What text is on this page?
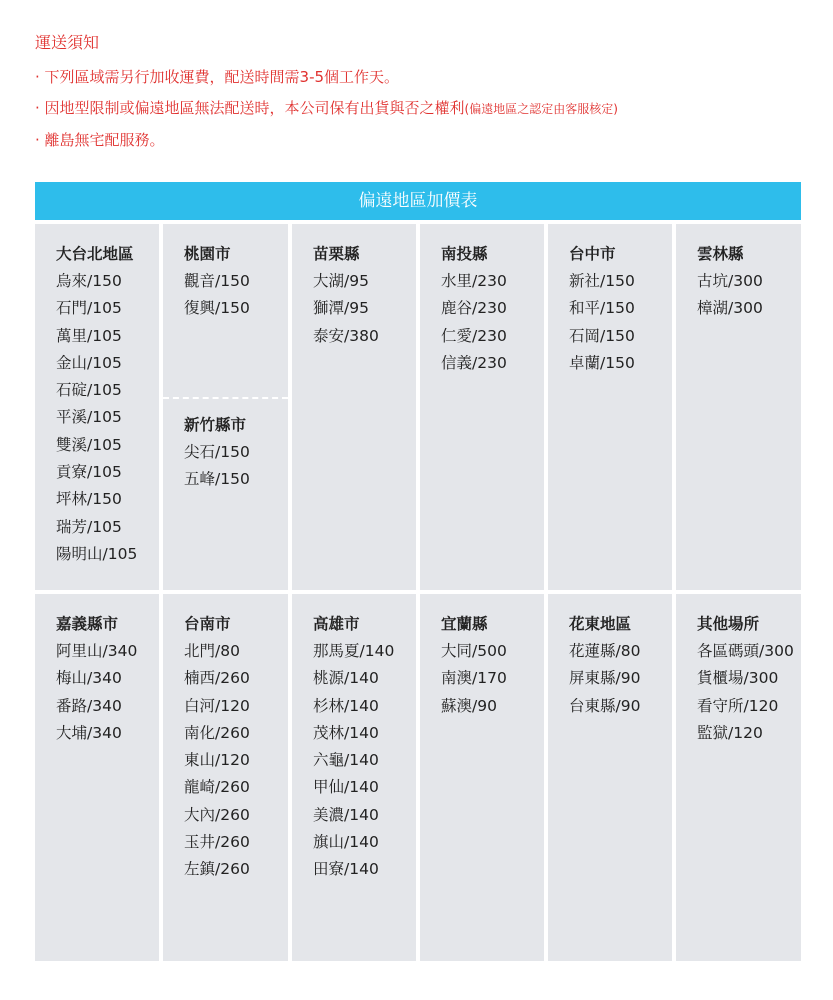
運送須知
· 下列區域需另行加收運費，配送時間需3-5個工作天。
· 因地型限制或偏遠地區無法配送時，本公司保有出貨與否之權利(偏遠地區之認定由客服核定)
· 離島無宅配服務。
偏遠地區加價表
大台北地區
烏來/150
石門/105
萬里/105
金山/105
石碇/105
平溪/105
雙溪/105
貢寮/105
坪林/150
瑞芳/105
陽明山/105
桃園市
觀音/150
復興/150
新竹縣市
尖石/150
五峰/150
苗栗縣
大湖/95
獅潭/95
泰安/380
南投縣
水里/230
鹿谷/230
仁愛/230
信義/230
台中市
新社/150
和平/150
石岡/150
卓蘭/150
雲林縣
古坑/300
樟湖/300
嘉義縣市
阿里山/340
梅山/340
番路/340
大埔/340
台南市
北門/80
楠西/260
白河/120
南化/260
東山/120
龍崎/260
大內/260
玉井/260
左鎮/260
高雄市
那馬夏/140
桃源/140
杉林/140
茂林/140
六龜/140
甲仙/140
美濃/140
旗山/140
田寮/140
宜蘭縣
大同/500
南澳/170
蘇澳/90
花東地區
花蓮縣/80
屏東縣/90
台東縣/90
其他場所
各區碼頭/300
貨櫃場/300
看守所/120
監獄/120
